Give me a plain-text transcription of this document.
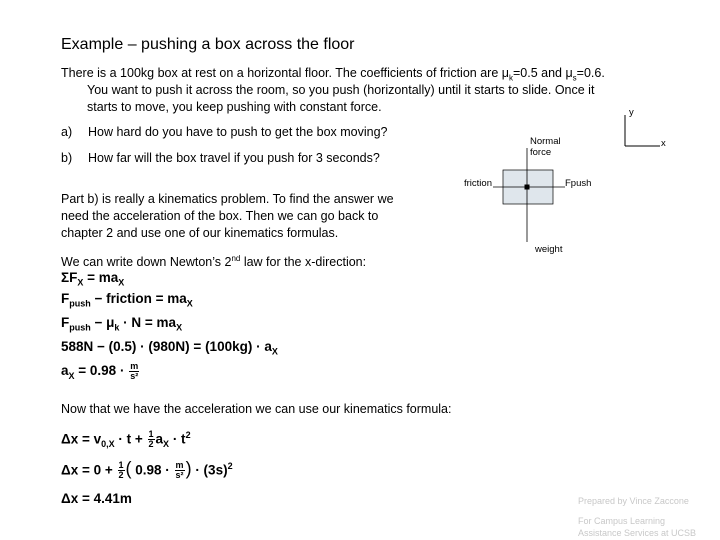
Example – pushing a box across the floor
There is a 100kg box at rest on a horizontal floor. The coefficients of friction are $\mu_k=0.5$ and $\mu_s=0.6$.
You want to push it across the room, so you push (horizontally) until it starts to slide. Once it
starts to move, you keep pushing with constant force.
a) How hard do you have to push to get the box moving?
b) How far will the box travel if you push for 3 seconds?
Part b) is really a kinematics problem. To find the answer we
need the acceleration of the box. Then we can go back to
chapter 2 and use one of our kinematics formulas.
We can write down Newton’s 2nd law for the x-direction:
$\Sigma F_X = ma_X$
$F_{push}$ − friction = $ma_X$
$F_{push} - \mu_k \cdot N = ma_X$
$588N - (0.5) \cdot (980N) = (100kg) \cdot a_X$
$a_X = 0.98 \cdot \frac{m}{\text{s²}}$
Now that we have the acceleration we can use our kinematics formula:
$\Delta x = v_{0,X} \cdot t + \frac{1}{2} a_X \cdot t^2$
$\Delta x = 0 + \frac{1}{2}$ ( $0.98 \cdot \frac{m}{\text{s²}}$ ) · $(3s)^2$
Δx = 4.41m
y
x
Normal
force
friction	Fpush
weight
Prepared by Vince Zaccone
For Campus Learning
Assistance Services at UCSB
